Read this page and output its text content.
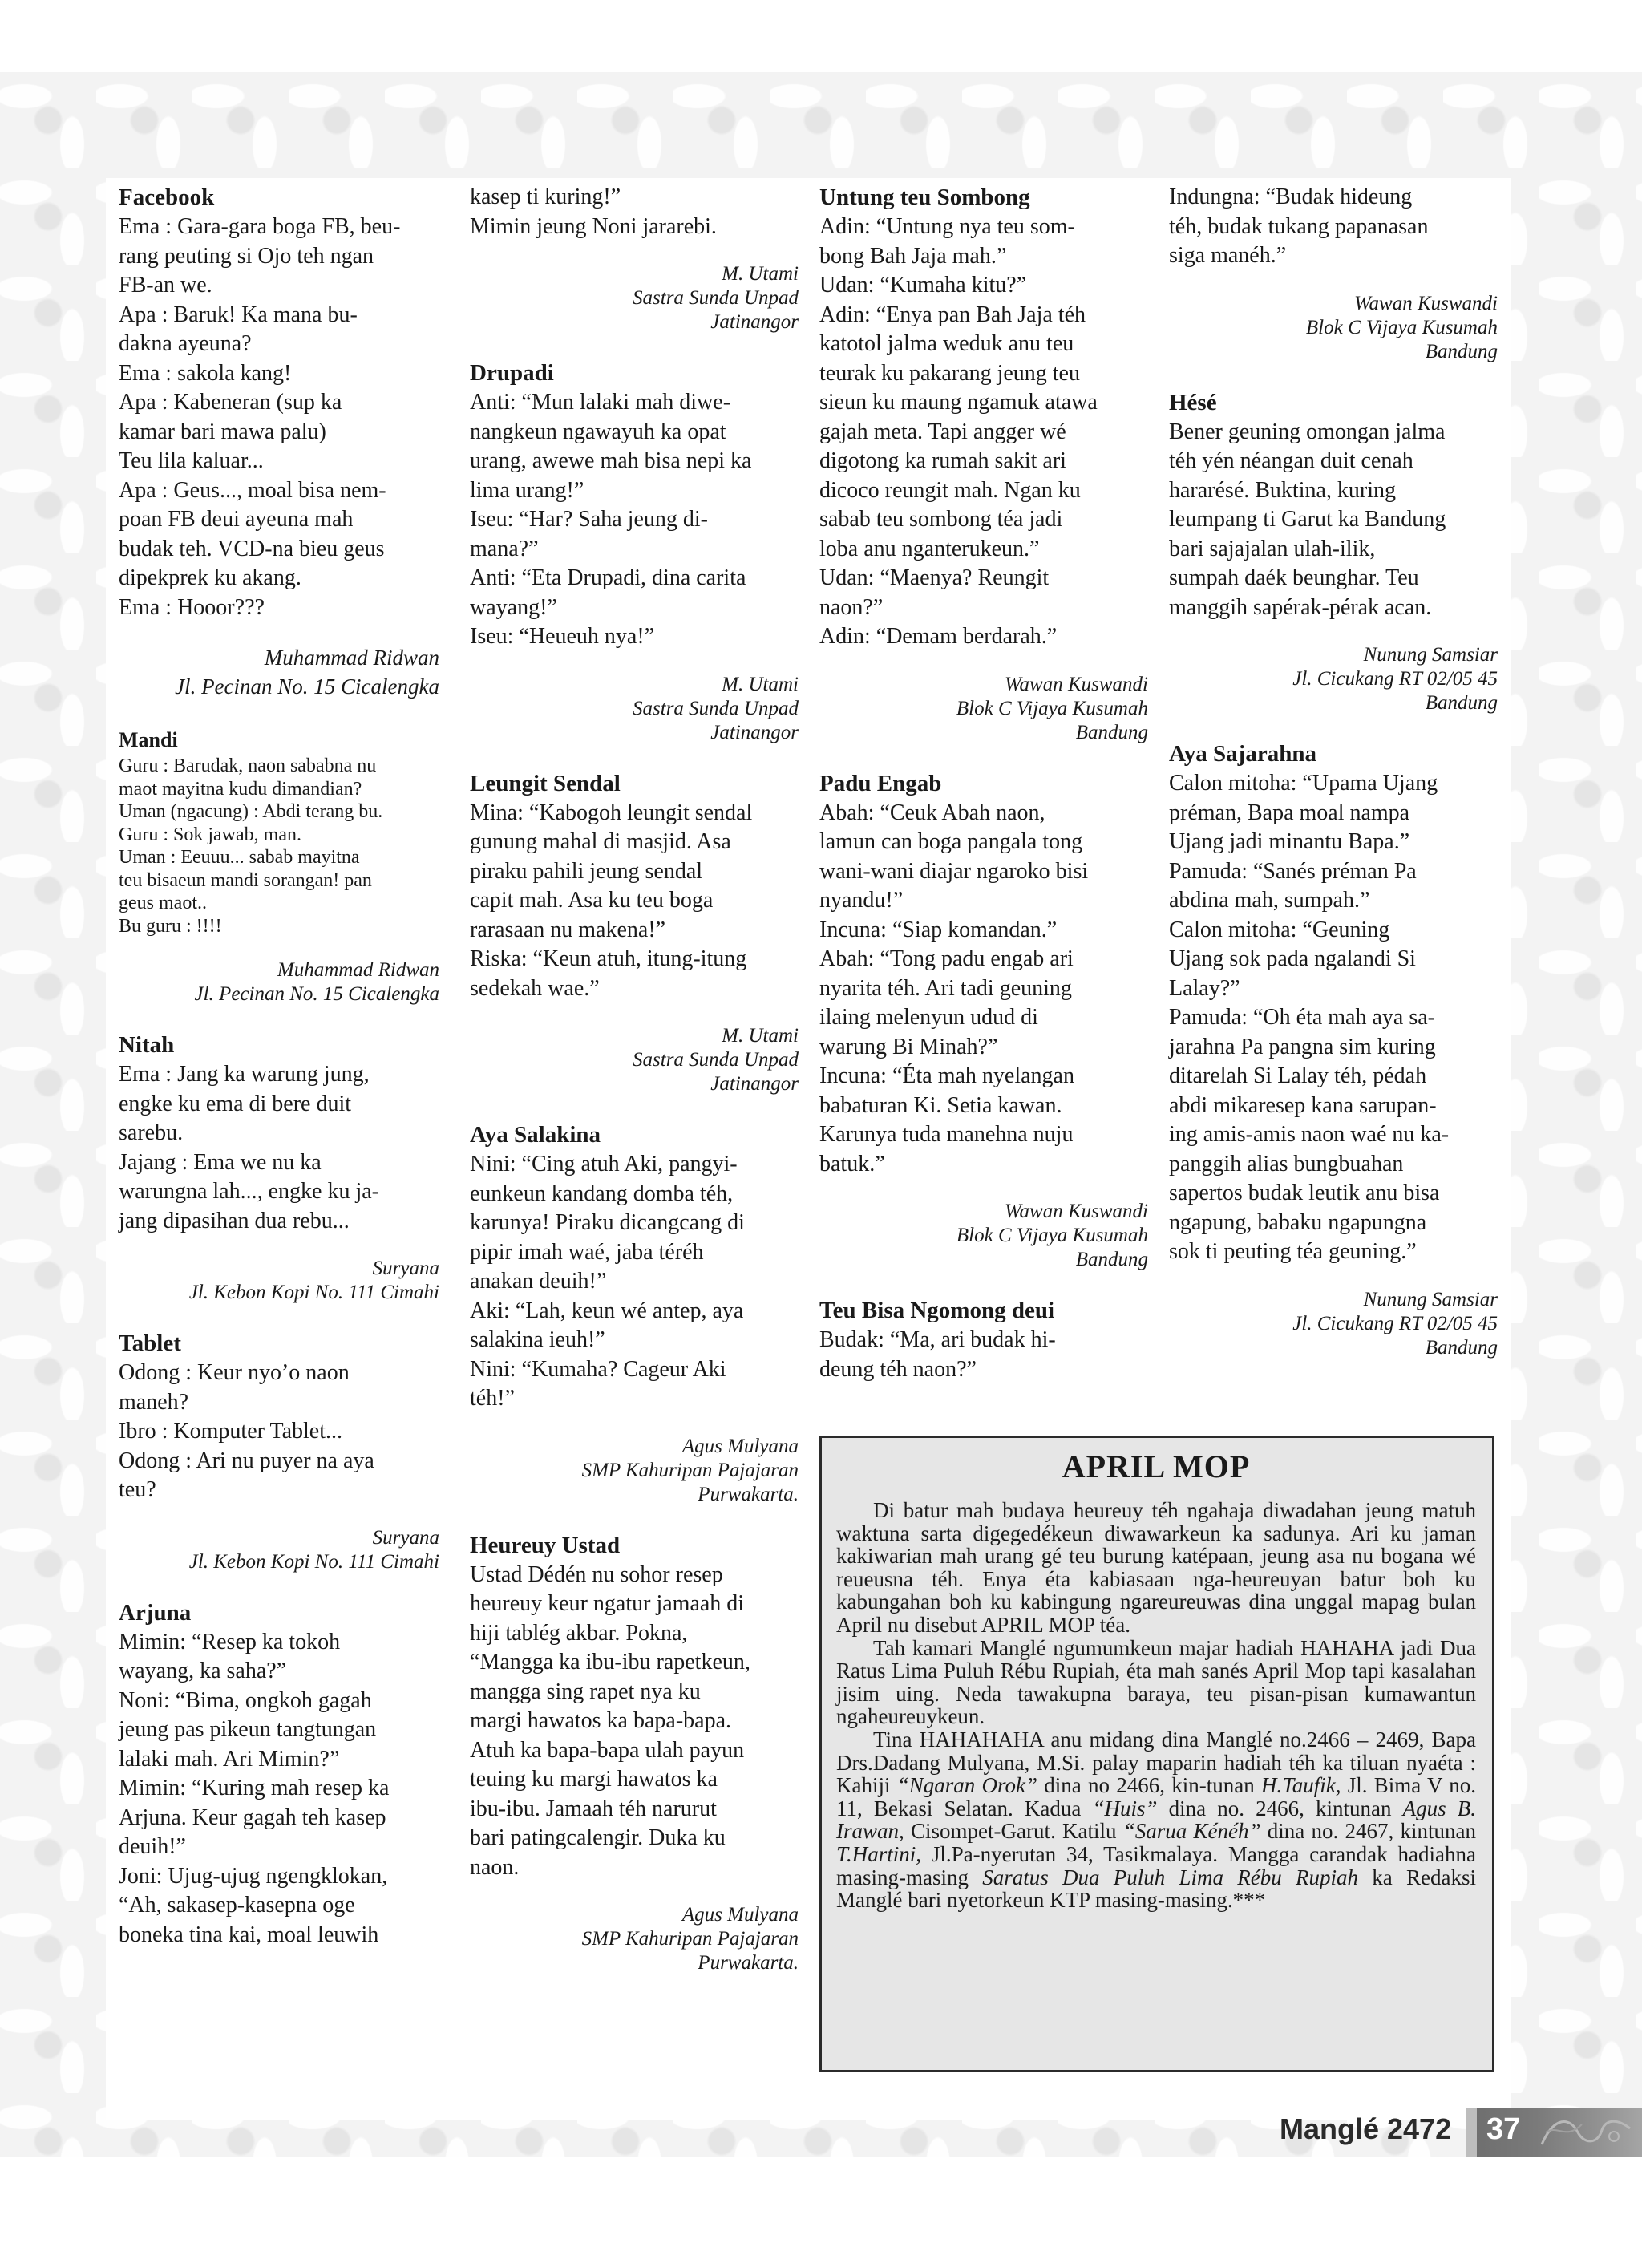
Facebook

Ema : Gara-gara boga FB, beu-

rang peuting si Ojo teh ngan

FB-an we.

Apa : Baruk! Ka mana bu-

dakna ayeuna?

Ema : sakola kang!

Apa : Kabeneran (sup ka

kamar bari mawa palu)

Teu lila kaluar...

Apa : Geus..., moal bisa nem-

poan FB deui ayeuna mah

budak teh. VCD-na bieu geus

dipekprek ku akang.

Ema : Hooor???

Muhammad Ridwan

Jl. Pecinan No. 15 Cicalengka

Mandi

Guru : Barudak, naon sababna nu

maot mayitna kudu dimandian?

Uman (ngacung) : Abdi terang bu.

Guru : Sok jawab, man.

Uman : Eeuuu... sabab mayitna

teu bisaeun mandi sorangan! pan

geus maot..

Bu guru : !!!!

Muhammad Ridwan

Jl. Pecinan No. 15 Cicalengka

Nitah

Ema : Jang ka warung jung,

engke ku ema di bere duit

sarebu.

Jajang : Ema we nu ka

warungna lah..., engke ku ja-

jang dipasihan dua rebu...

Suryana

Jl. Kebon Kopi No. 111 Cimahi

Tablet

Odong : Keur nyo’o naon

maneh?

Ibro : Komputer Tablet...

Odong : Ari nu puyer na aya

teu?

Suryana

Jl. Kebon Kopi No. 111 Cimahi

Arjuna

Mimin: “Resep ka tokoh

wayang, ka saha?”

Noni: “Bima, ongkoh gagah

jeung pas pikeun tangtungan

lalaki mah. Ari Mimin?”

Mimin: “Kuring mah resep ka

Arjuna. Keur gagah teh kasep

deuih!”

Joni: Ujug-ujug ngengklokan,

“Ah, sakasep-kasepna oge

boneka tina kai, moal leuwih

kasep ti kuring!”

Mimin jeung Noni jararebi.

M. Utami

Sastra Sunda Unpad

Jatinangor

Drupadi

Anti: “Mun lalaki mah diwe-

nangkeun ngawayuh ka opat

urang, awewe mah bisa nepi ka

lima urang!”

Iseu: “Har? Saha jeung di-

mana?”

Anti: “Eta Drupadi, dina carita

wayang!”

Iseu: “Heueuh nya!”

M. Utami

Sastra Sunda Unpad

Jatinangor

Leungit Sendal

Mina: “Kabogoh leungit sendal

gunung mahal di masjid. Asa

piraku pahili jeung sendal

capit mah. Asa ku teu boga

rarasaan nu makena!”

Riska: “Keun atuh, itung-itung

sedekah wae.”

M. Utami

Sastra Sunda Unpad

Jatinangor

Aya Salakina

Nini: “Cing atuh Aki, pangyi-

eunkeun kandang domba téh,

karunya! Piraku dicangcang di

pipir imah waé, jaba téréh

anakan deuih!”

Aki: “Lah, keun wé antep, aya

salakina ieuh!”

Nini: “Kumaha? Cageur Aki

téh!”

Agus Mulyana

SMP Kahuripan Pajajaran

Purwakarta.

Heureuy Ustad

Ustad Dédén nu sohor resep

heureuy keur ngatur jamaah di

hiji tablég akbar. Pokna,

“Mangga ka ibu-ibu rapetkeun,

mangga sing rapet nya ku

margi hawatos ka bapa-bapa.

Atuh ka bapa-bapa ulah payun

teuing ku margi hawatos ka

ibu-ibu. Jamaah téh narurut

bari patingcalengir. Duka ku

naon.

Agus Mulyana

SMP Kahuripan Pajajaran

Purwakarta.

Untung teu Sombong

Adin: “Untung nya teu som-

bong Bah Jaja mah.”

Udan: “Kumaha kitu?”

Adin: “Enya pan Bah Jaja téh

katotol jalma weduk anu teu

teurak ku pakarang jeung teu

sieun ku maung ngamuk atawa

gajah meta. Tapi angger wé

digotong ka rumah sakit ari

dicoco reungit mah. Ngan ku

sabab teu sombong téa jadi

loba anu nganterukeun.”

Udan: “Maenya? Reungit

naon?”

Adin: “Demam berdarah.”

Wawan Kuswandi

Blok C Vijaya Kusumah

Bandung

Padu Engab

Abah: “Ceuk Abah naon,

lamun can boga pangala tong

wani-wani diajar ngaroko bisi

nyandu!”

Incuna: “Siap komandan.”

Abah: “Tong padu engab ari

nyarita téh. Ari tadi geuning

ilaing melenyun udud di

warung Bi Minah?”

Incuna: “Éta mah nyelangan

babaturan Ki. Setia kawan.

Karunya tuda manehna nuju

batuk.”

Wawan Kuswandi

Blok C Vijaya Kusumah

Bandung

Teu Bisa Ngomong deui

Budak: “Ma, ari budak hi-

deung téh naon?”

Indungna: “Budak hideung

téh, budak tukang papanasan

siga manéh.”

Wawan Kuswandi

Blok C Vijaya Kusumah

Bandung

Hésé

Bener geuning omongan jalma

téh yén néangan duit cenah

hararésé. Buktina, kuring

leumpang ti Garut ka Bandung

bari sajajalan ulah-ilik,

sumpah daék beunghar. Teu

manggih sapérak-pérak acan.

Nunung Samsiar

Jl. Cicukang RT 02/05 45

Bandung

Aya Sajarahna

Calon mitoha: “Upama Ujang

préman, Bapa moal nampa

Ujang jadi minantu Bapa.”

Pamuda: “Sanés préman Pa

abdina mah, sumpah.”

Calon mitoha: “Geuning

Ujang sok pada ngalandi Si

Lalay?”

Pamuda: “Oh éta mah aya sa-

jarahna Pa pangna sim kuring

ditarelah Si Lalay téh, pédah

abdi mikaresep kana sarupan-

ing amis-amis naon waé nu ka-

panggih alias bungbuahan

sapertos budak leutik anu bisa

ngapung, babaku ngapungna

sok ti peuting téa geuning.”

Nunung Samsiar

Jl. Cicukang RT 02/05 45

Bandung

APRIL MOP

Di batur mah budaya heureuy téh ngahaja diwadahan jeung matuh waktuna sarta digegedékeun diwawarkeun ka sadunya. Ari ku jaman kakiwarian mah urang gé teu burung katépaan, jeung asa nu bogana wé reueusna téh. Enya éta kabiasaan nga-heureuyan batur boh ku kabungahan boh ku kabingung ngareureuwas dina unggal mapag bulan April nu disebut APRIL MOP téa.

Tah kamari Manglé ngumumkeun majar hadiah HAHAHA jadi Dua Ratus Lima Puluh Rébu Rupiah, éta mah sanés April Mop tapi kasalahan jisim uing. Neda tawakupna baraya, teu pisan-pisan kumawantun ngaheureuykeun.

Tina HAHAHAHA anu midang dina Manglé no.2466 – 2469, Bapa Drs.Dadang Mulyana, M.Si. palay maparin hadiah téh ka tiluan nyaéta : Kahiji “Ngaran Orok” dina no 2466, kin-tunan H.Taufik, Jl. Bima V no. 11, Bekasi Selatan. Kadua “Huis” dina no. 2466, kintunan Agus B. Irawan, Cisompet-Garut. Katilu “Sarua Kénéh” dina no. 2467, kintunan T.Hartini, Jl.Pa-nyerutan 34, Tasikmalaya. Mangga carandak hadiahna masing-masing Saratus Dua Puluh Lima Rébu Rupiah ka Redaksi Manglé bari nyetorkeun KTP masing-masing.***

Manglé 2472 37
